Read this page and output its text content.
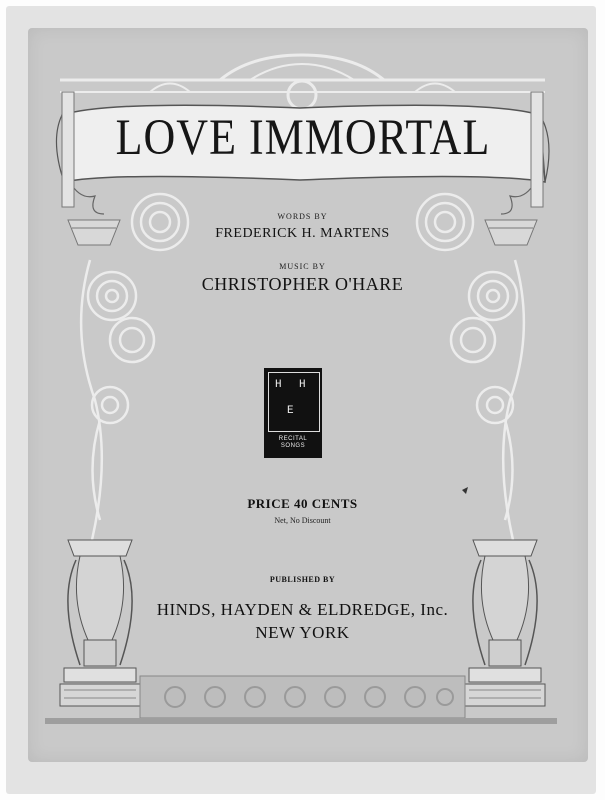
LOVE IMMORTAL
WORDS BY
FREDERICK H. MARTENS
MUSIC BY
CHRISTOPHER O'HARE
H H
E
RECITAL
SONGS
PRICE 40 CENTS
Net, No Discount
PUBLISHED BY
HINDS, HAYDEN & ELDREDGE, Inc.
NEW YORK
